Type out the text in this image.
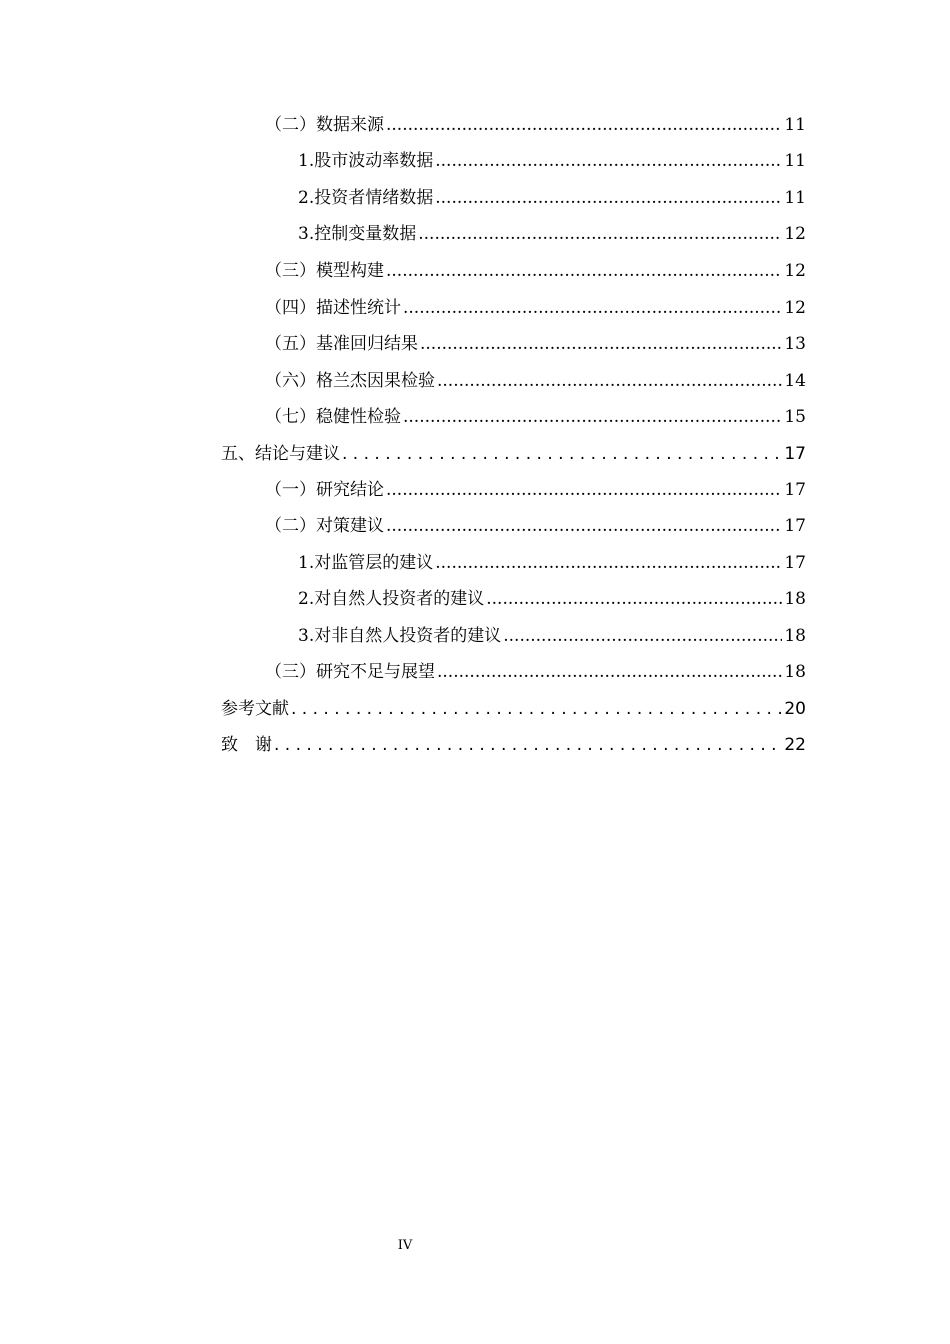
（二） 数据来源 .....	11
1. 股市波动率数据 .....	11
2. 投资者情绪数据 .....	11
3. 控制变量数据 .....	12
（三） 模型构建 .....	12
（四） 描述性统计 .....	12
（五） 基准回归结果 .....	13
（六） 格兰杰因果检验 .....	14
（七） 稳健性检验 .....	15
五、 结论与建议 . . .	17
（一） 研究结论 .....	17
（二） 对策建议 .....	17
1. 对监管层的建议 .....	17
2. 对自然人投资者的建议 .....	18
3. 对非自然人投资者的建议 .....	18
（三） 研究不足与展望 .....	18
参考文献 . . .	20
致　谢 . . .	22
IV
